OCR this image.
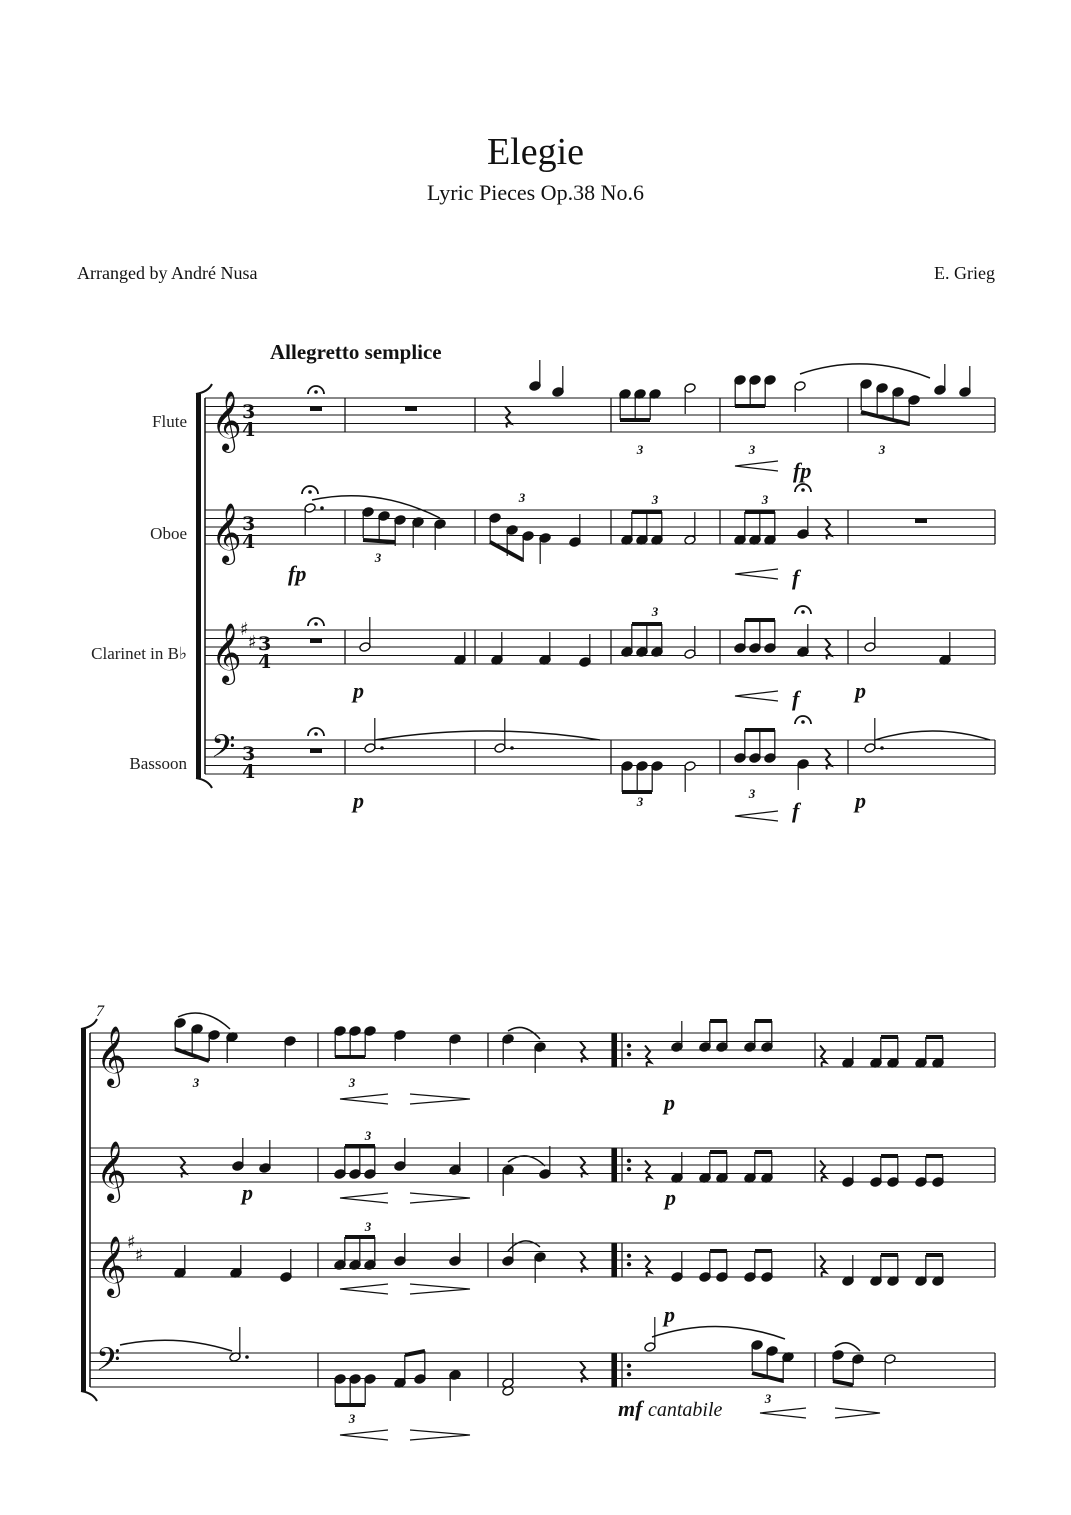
Elegie
Lyric Pieces Op.38 No.6
Arranged by André Nusa	E. Grieg
Allegretto semplice
𝄞
𝄞
𝄞
𝄢
𝄞
𝄞
𝄞
𝄢
♯
♯
♯
♯
3
3
3
3
3
3
3
3
3
3
3	3
3
3
3
3
Flute
Oboe
Clarinet in B♭
Bassoon
3
4
3
4
3
4
3
4
7
fp
fp	f
p	f	p
p	f	p
p
p
p
p
mf cantabile
